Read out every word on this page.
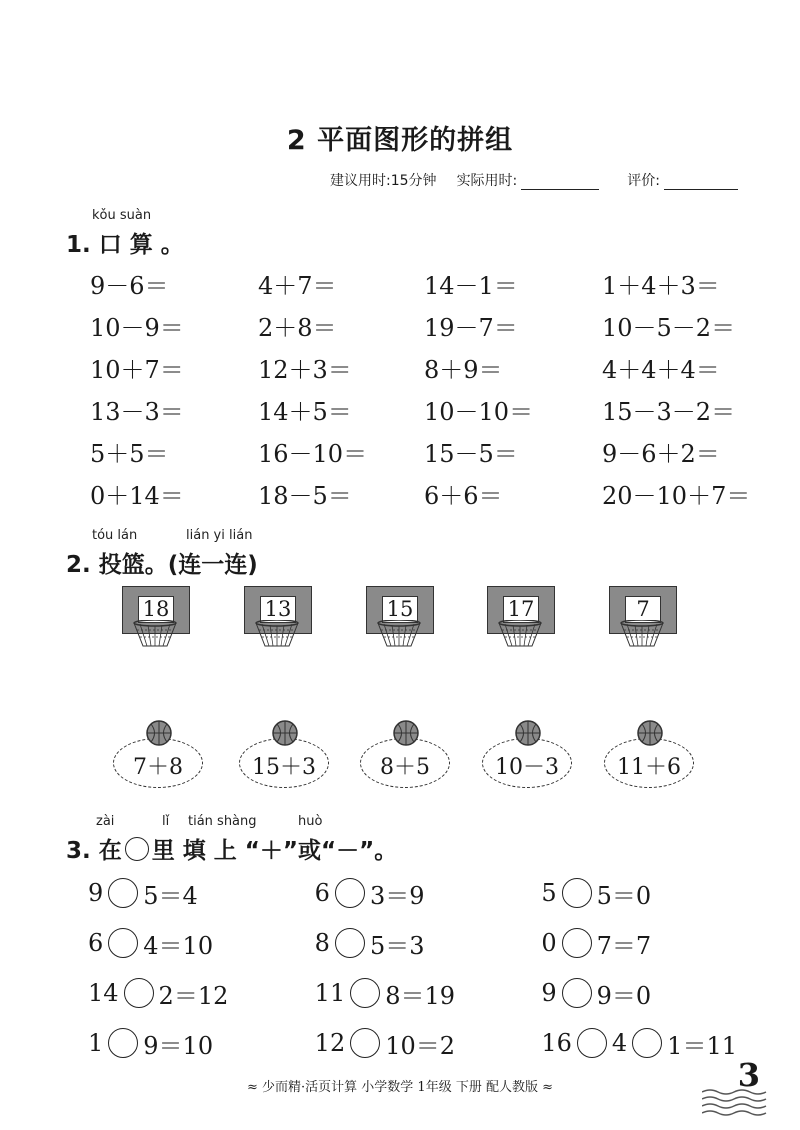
2 平面图形的拼组
建议用时:15分钟 实际用时:	评价:
kǒu suàn
1. 口 算 。
9－6＝	4＋7＝	14－1＝	1＋4＋3＝
10－9＝	2＋8＝	19－7＝	10－5－2＝
10＋7＝	12＋3＝	8＋9＝	4＋4＋4＝
13－3＝	14＋5＝	10－10＝	15－3－2＝
5＋5＝	16－10＝	15－5＝	9－6＋2＝
0＋14＝	18－5＝	6＋6＝	20－10＋7＝
tóu lán	lián yi lián
2. 投篮。(连一连)
18	13	15	17	7
7＋8	15＋3	8＋5	10－3	11＋6
zài	lǐ tián shàng	huò
3. 在 里 填 上 “＋”或“－”。
9 5＝4	6 3＝9	5 5＝0
6 4＝10	8 5＝3	0 7＝7
14 2＝12	11 8＝19	9 9＝0
1 9＝10	12 10＝2	16 4 1＝11
≈ 少而精·活页计算 小学数学 1年级 下册 配人教版 ≈	3
